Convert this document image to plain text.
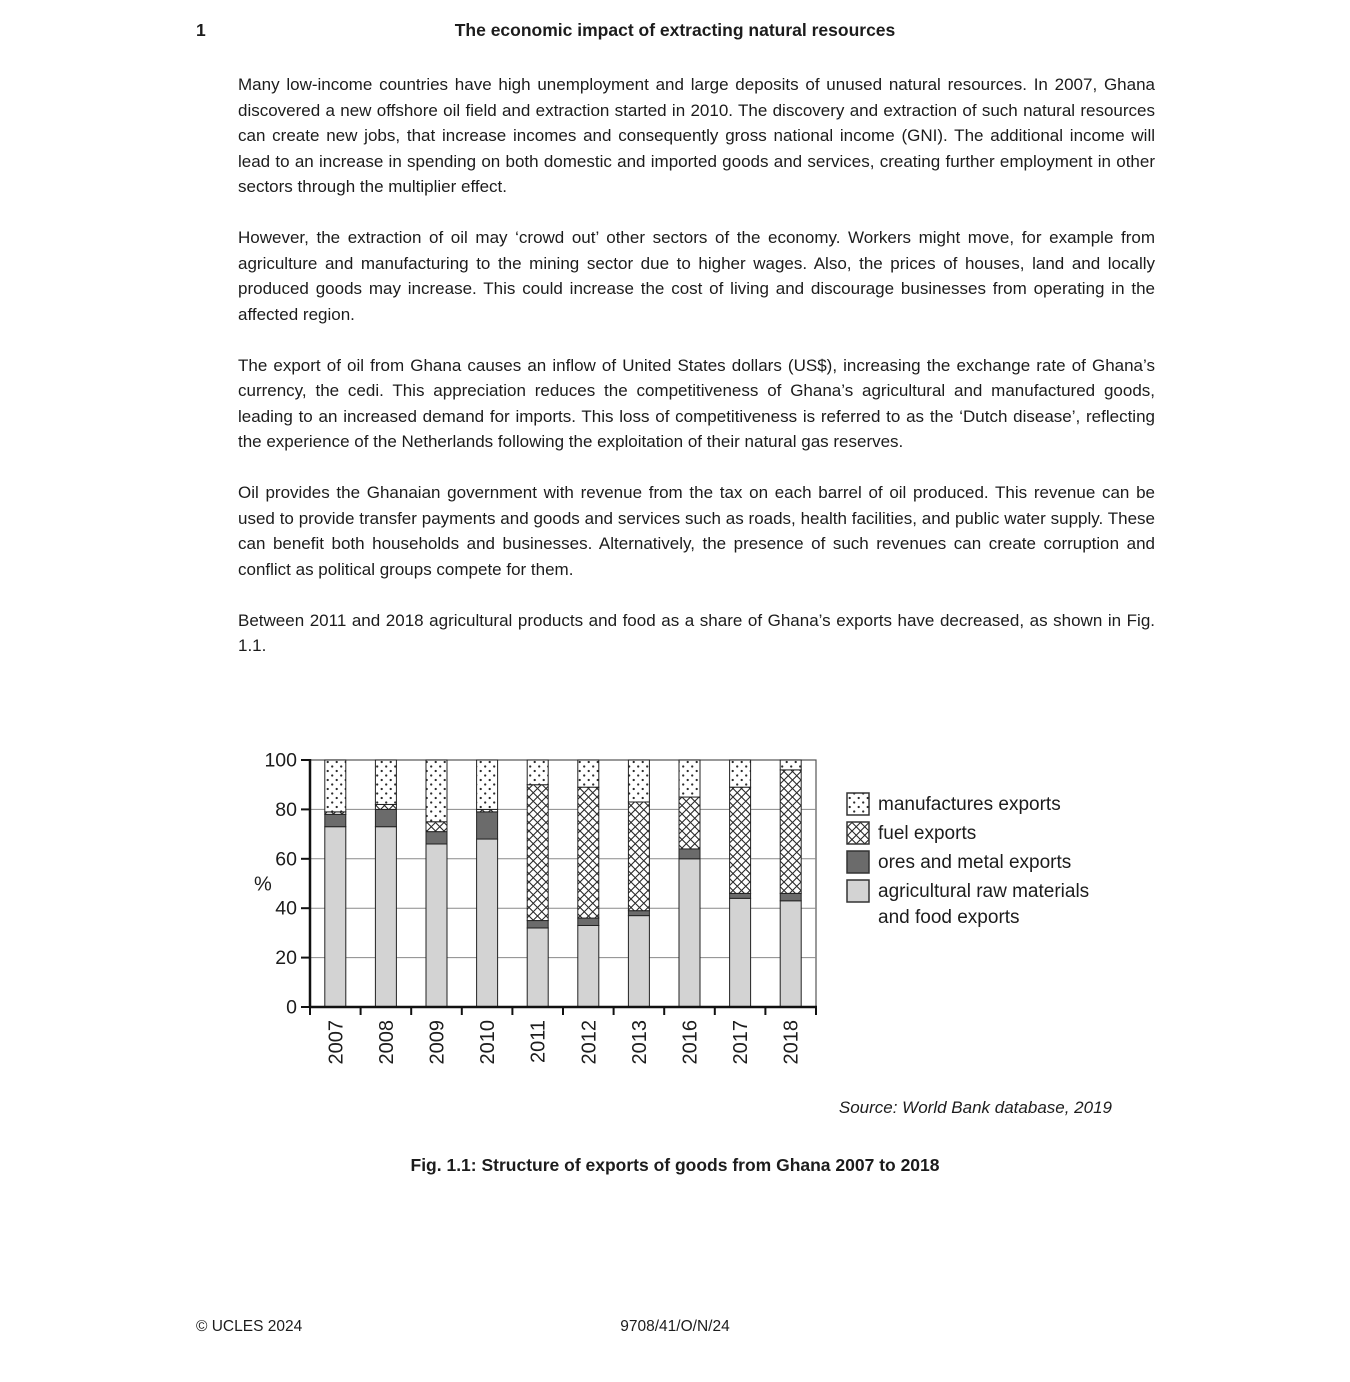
1	The economic impact of extracting natural resources

Many low-income countries have high unemployment and large deposits of unused natural resources. In 2007, Ghana discovered a new offshore oil field and extraction started in 2010. The discovery and extraction of such natural resources can create new jobs, that increase incomes and consequently gross national income (GNI). The additional income will lead to an increase in spending on both domestic and imported goods and services, creating further employment in other sectors through the multiplier effect.

However, the extraction of oil may ‘crowd out’ other sectors of the economy. Workers might move, for example from agriculture and manufacturing to the mining sector due to higher wages. Also, the prices of houses, land and locally produced goods may increase. This could increase the cost of living and discourage businesses from operating in the affected region.

The export of oil from Ghana causes an inflow of United States dollars (US$), increasing the exchange rate of Ghana’s currency, the cedi. This appreciation reduces the competitiveness of Ghana’s agricultural and manufactured goods, leading to an increased demand for imports. This loss of competitiveness is referred to as the ‘Dutch disease’, reflecting the experience of the Netherlands following the exploitation of their natural gas reserves.

Oil provides the Ghanaian government with revenue from the tax on each barrel of oil produced. This revenue can be used to provide transfer payments and goods and services such as roads, health facilities, and public water supply. These can benefit both households and businesses. Alternatively, the presence of such revenues can create corruption and conflict as political groups compete for them.

Between 2011 and 2018 agricultural products and food as a share of Ghana’s exports have decreased, as shown in Fig. 1.1.

0
20
40
60
80
100
%
2007 2008 2009 2010 2011 2012 2013 2016 2017 2018
manufactures exports
fuel exports
ores and metal exports
agricultural raw materials
and food exports
Source: World Bank database, 2019
Fig. 1.1: Structure of exports of goods from Ghana 2007 to 2018
© UCLES 2024	9708/41/O/N/24
